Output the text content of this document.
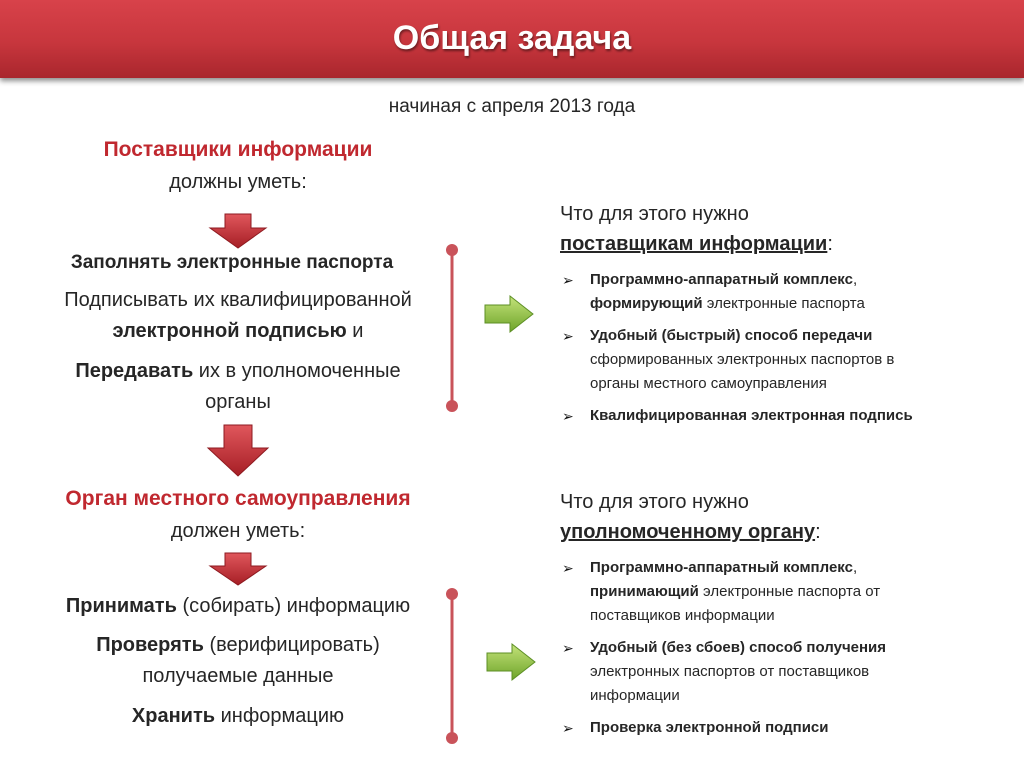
Общая задача
начиная с апреля 2013 года
Поставщики информации
должны уметь:
Заполнять электронные паспорта
Подписывать их квалифицированной
электронной подписью и
Передавать их в уполномоченные
органы
Орган местного самоуправления
должен уметь:
Принимать (собирать) информацию
Проверять (верифицировать)
получаемые данные
Хранить информацию
Что для этого нужно
поставщикам информации:
➢ Программно-аппаратный комплекс,
формирующий электронные паспорта
➢ Удобный (быстрый) способ передачи
сформированных электронных паспортов в
органы местного самоуправления
➢ Квалифицированная электронная подпись
Что для этого нужно
уполномоченному органу:
➢ Программно-аппаратный комплекс,
принимающий электронные паспорта от
поставщиков информации
➢ Удобный (без сбоев) способ получения
электронных паспортов от поставщиков
информации
➢ Проверка электронной подписи
